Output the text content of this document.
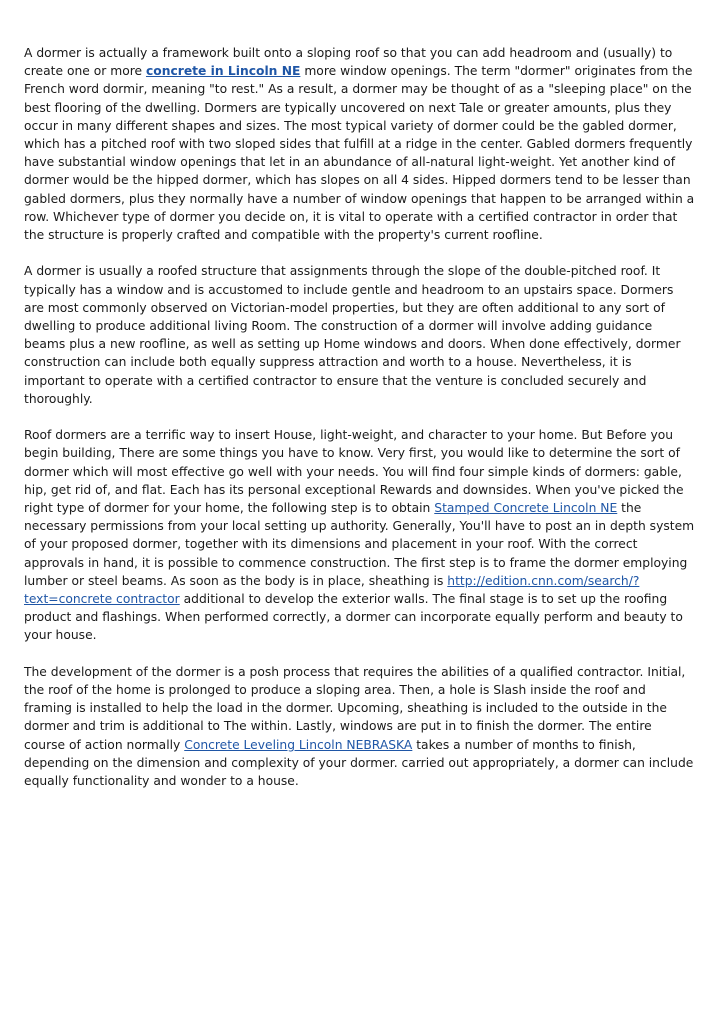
A dormer is actually a framework built onto a sloping roof so that you can add headroom and (usually) to create one or more concrete in Lincoln NE more window openings. The term "dormer" originates from the French word dormir, meaning "to rest." As a result, a dormer may be thought of as a "sleeping place" on the best flooring of the dwelling. Dormers are typically uncovered on next Tale or greater amounts, plus they occur in many different shapes and sizes. The most typical variety of dormer could be the gabled dormer, which has a pitched roof with two sloped sides that fulfill at a ridge in the center. Gabled dormers frequently have substantial window openings that let in an abundance of all-natural light-weight. Yet another kind of dormer would be the hipped dormer, which has slopes on all 4 sides. Hipped dormers tend to be lesser than gabled dormers, plus they normally have a number of window openings that happen to be arranged within a row. Whichever type of dormer you decide on, it is vital to operate with a certified contractor in order that the structure is properly crafted and compatible with the property's current roofline.

A dormer is usually a roofed structure that assignments through the slope of the double-pitched roof. It typically has a window and is accustomed to include gentle and headroom to an upstairs space. Dormers are most commonly observed on Victorian-model properties, but they are often additional to any sort of dwelling to produce additional living Room. The construction of a dormer will involve adding guidance beams plus a new roofline, as well as setting up Home windows and doors. When done effectively, dormer construction can include both equally suppress attraction and worth to a house. Nevertheless, it is important to operate with a certified contractor to ensure that the venture is concluded securely and thoroughly.

Roof dormers are a terrific way to insert House, light-weight, and character to your home. But Before you begin building, There are some things you have to know. Very first, you would like to determine the sort of dormer which will most effective go well with your needs. You will find four simple kinds of dormers: gable, hip, get rid of, and flat. Each has its personal exceptional Rewards and downsides. When you've picked the right type of dormer for your home, the following step is to obtain Stamped Concrete Lincoln NE the necessary permissions from your local setting up authority. Generally, You'll have to post an in depth system of your proposed dormer, together with its dimensions and placement in your roof. With the correct approvals in hand, it is possible to commence construction. The first step is to frame the dormer employing lumber or steel beams. As soon as the body is in place, sheathing is http://edition.cnn.com/search/?text=concrete contractor additional to develop the exterior walls. The final stage is to set up the roofing product and flashings. When performed correctly, a dormer can incorporate equally perform and beauty to your house.

The development of the dormer is a posh process that requires the abilities of a qualified contractor. Initial, the roof of the home is prolonged to produce a sloping area. Then, a hole is Slash inside the roof and framing is installed to help the load in the dormer. Upcoming, sheathing is included to the outside in the dormer and trim is additional to The within. Lastly, windows are put in to finish the dormer. The entire course of action normally Concrete Leveling Lincoln NEBRASKA takes a number of months to finish, depending on the dimension and complexity of your dormer. carried out appropriately, a dormer can include equally functionality and wonder to a house.
